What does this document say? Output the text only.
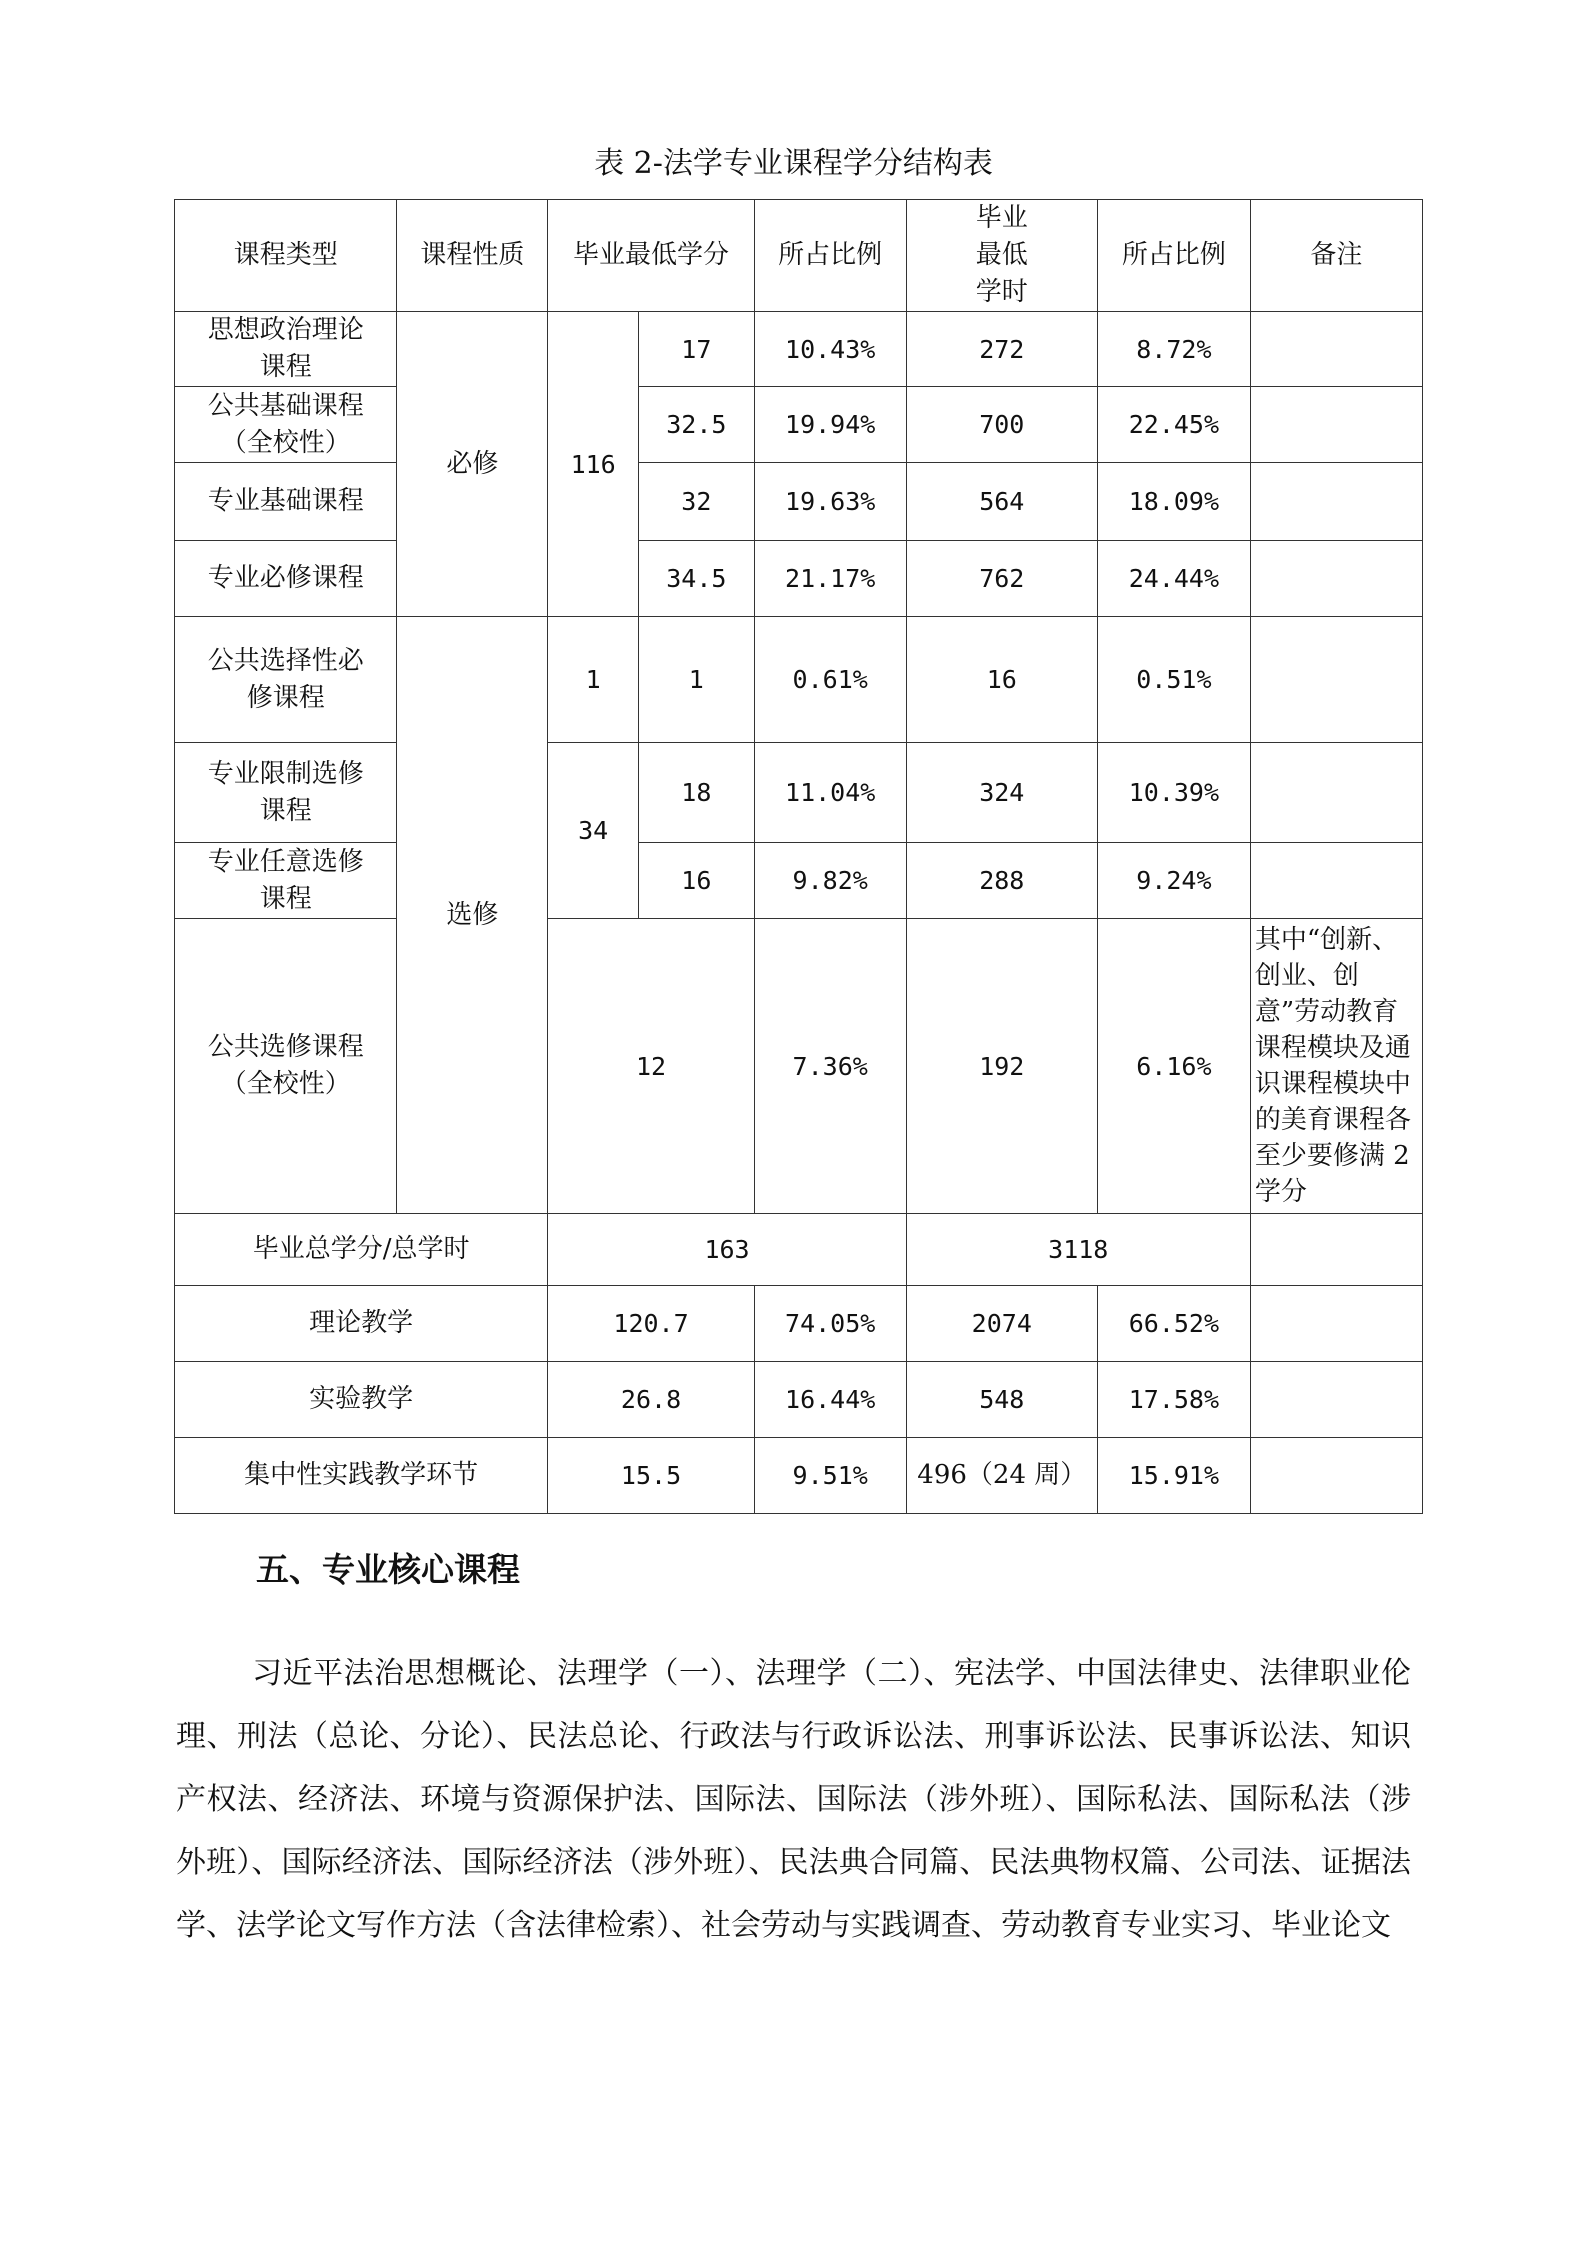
表 2-法学专业课程学分结构表
课程类型	课程性质	毕业最低学分		所占比例	毕业最低学时	所占比例	备注
思想政治理论课程	必修	116	17	10.43%	272	8.72%	
公共基础课程（全校性）			32.5	19.94%	700	22.45%	
专业基础课程			32	19.63%	564	18.09%	
专业必修课程			34.5	21.17%	762	24.44%	
公共选择性必修课程	选修	1	1	0.61%	16	0.51%	
专业限制选修课程		34	18	11.04%	324	10.39%	
专业任意选修课程			16	9.82%	288	9.24%	
公共选修课程（全校性）		12		7.36%	192	6.16%	其中“创新、创业、创意”劳动教育课程模块及通识课程模块中的美育课程各至少要修满 2 学分
毕业总学分/总学时		163			3118		
理论教学		120.7		74.05%	2074	66.52%	
实验教学		26.8		16.44%	548	17.58%	
集中性实践教学环节		15.5		9.51%	496（24 周）	15.91%	
五、专业核心课程

习近平法治思想概论、法理学（一）、法理学（二）、宪法学、中国法律史、法律职业伦理、刑法（总论、分论）、民法总论、行政法与行政诉讼法、刑事诉讼法、民事诉讼法、知识产权法、经济法、环境与资源保护法、国际法、国际法（涉外班）、国际私法、国际私法（涉外班）、国际经济法、国际经济法（涉外班）、民法典合同篇、民法典物权篇、公司法、证据法学、法学论文写作方法（含法律检索）、社会劳动与实践调查、劳动教育专业实习、毕业论文
